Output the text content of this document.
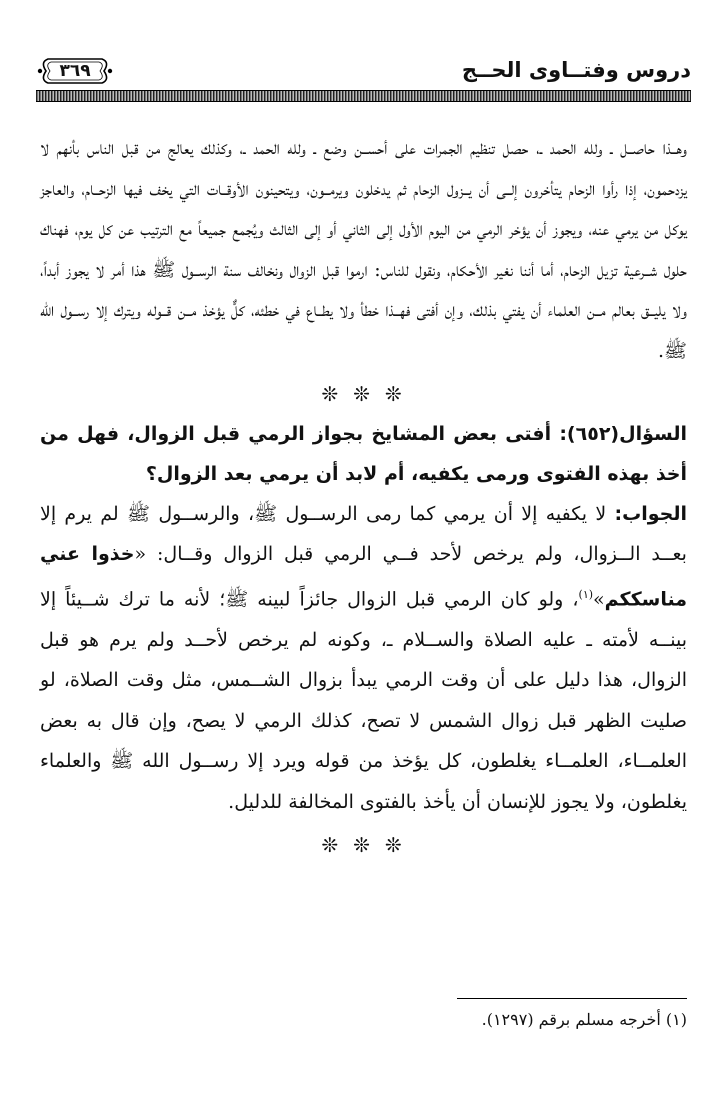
دروس وفتــاوى الحــج
٣٦٩

وهــذا حاصــل ـ ولله الحمد ـ، حصل تنظيم الجمرات على أحســن وضع ـ ولله الحمد ـ، وكذلك يعالج من قبل الناس بأنهم لا يزدحمون، إذا رأوا الزحام يتأخرون إلــى أن يــزول الزحام ثم يدخلون ويرمــون، ويتحينون الأوقــات التي يخف فيها الزحــام، والعاجز يوكل من يرمي عنه، ويجوز أن يؤخر الرمي من اليوم الأول إلى الثاني أو إلى الثالث ويُجمع جميعاً مع الترتيب عن كل يوم، فهناك حلول شــرعية تزيل الزحام، أما أننا نغير الأحكام، ونقول للناس: ارموا قبل الزوال ونخالف سنة الرســول ﷺ هذا أمر لا يجوز أبداً، ولا يليــق بعالم مــن العلماء أن يفتي بذلك، وإن أفتى فهــذا خطأ ولا يطــاع في خطئه، كلٌّ يؤخذ مــن قــوله ويترك إلا رســول الله ﷺ.

❊ ❊ ❊

السؤال(٦٥٢): أفتى بعض المشايخ بجواز الرمي قبل الزوال، فهل من أخذ بهذه الفتوى ورمى يكفيه، أم لابد أن يرمي بعد الزوال؟

الجواب: لا يكفيه إلا أن يرمي كما رمى الرســول ﷺ، والرســول ﷺ لم يرم إلا بعــد الــزوال، ولم يرخص لأحد فــي الرمي قبل الزوال وقــال: «خذوا عني مناسككم»$^{(١)}$، ولو كان الرمي قبل الزوال جائزاً لبينه ﷺ؛ لأنه ما ترك شــيئاً إلا بينــه لأمته ـ عليه الصلاة والســلام ـ، وكونه لم يرخص لأحــد ولم يرم هو قبل الزوال، هذا دليل على أن وقت الرمي يبدأ بزوال الشــمس، مثل وقت الصلاة، لو صليت الظهر قبل زوال الشمس لا تصح، كذلك الرمي لا يصح، وإن قال به بعض العلمــاء، العلمــاء يغلطون، كل يؤخذ من قوله ويرد إلا رســول الله ﷺ والعلماء يغلطون، ولا يجوز للإنسان أن يأخذ بالفتوى المخالفة للدليل.

❊ ❊ ❊
(١) أخرجه مسلم برقم (١٢٩٧).
